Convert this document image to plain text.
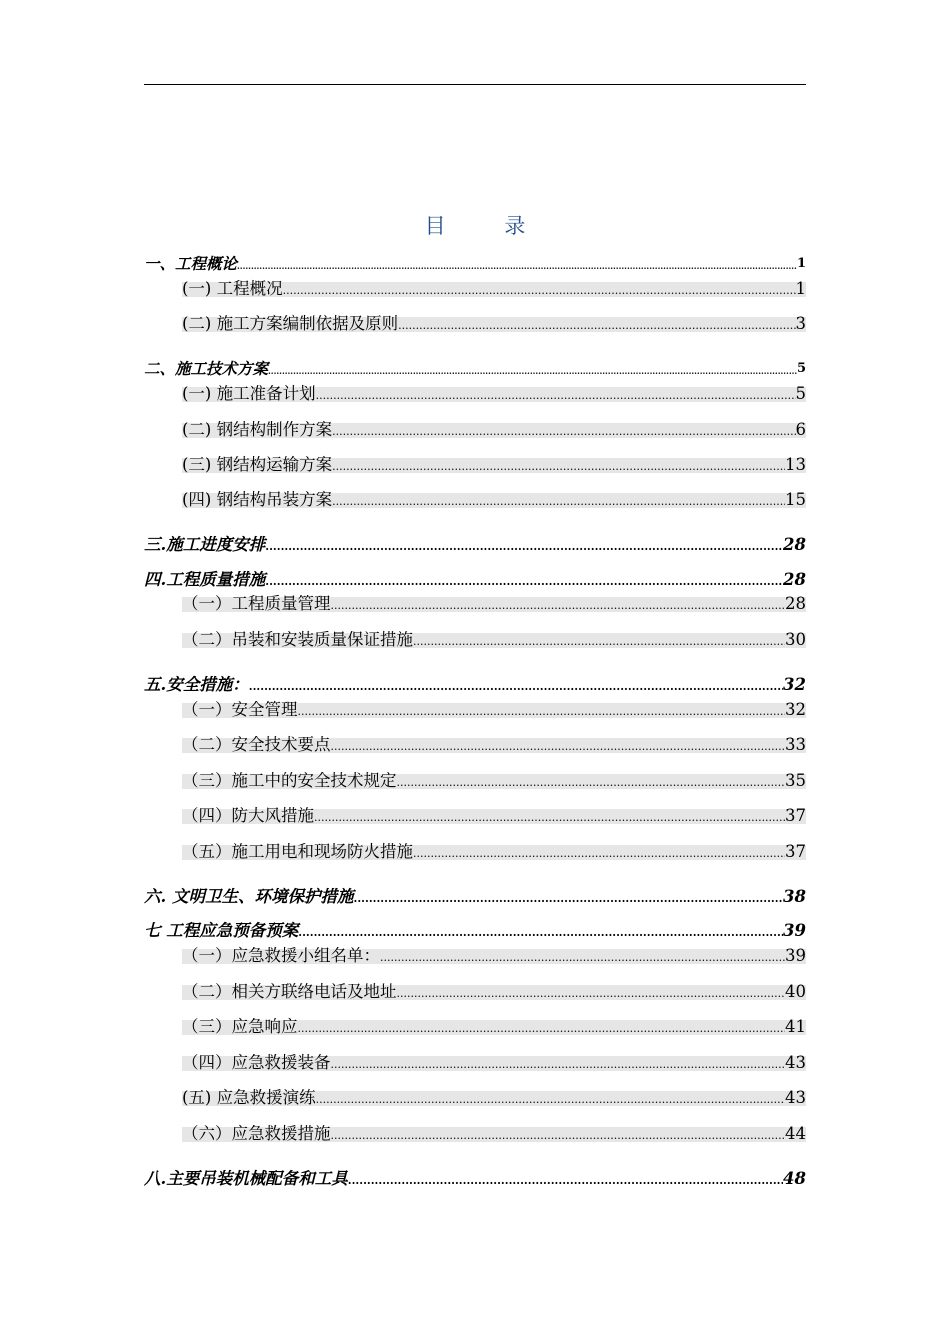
目 录
一、工程概论 .....	1
(一) 工程概况 .....	1
(二) 施工方案编制依据及原则 .....	3
二、施工技术方案 .....	5
(一) 施工准备计划 .....	5
(二) 钢结构制作方案 .....	6
(三) 钢结构运输方案 .....	13
(四) 钢结构吊装方案 .....	15
三.施工进度安排 .....	28
四.工程质量措施 .....	28
（一）工程质量管理 .....	28
（二）吊装和安装质量保证措施 .....	30
五.安全措施： .....	32
（一）安全管理 .....	32
（二）安全技术要点 .....	33
（三）施工中的安全技术规定 .....	35
（四）防大风措施 .....	37
（五）施工用电和现场防火措施 .....	37
六. 文明卫生、环境保护措施 .....	38
七 工程应急预备预案 .....	39
（一）应急救援小组名单： .....	39
（二）相关方联络电话及地址 .....	40
（三）应急响应 .....	41
（四）应急救援装备 .....	43
(五) 应急救援演练 .....	43
（六）应急救援措施 .....	44
八.主要吊装机械配备和工具 .....	48
